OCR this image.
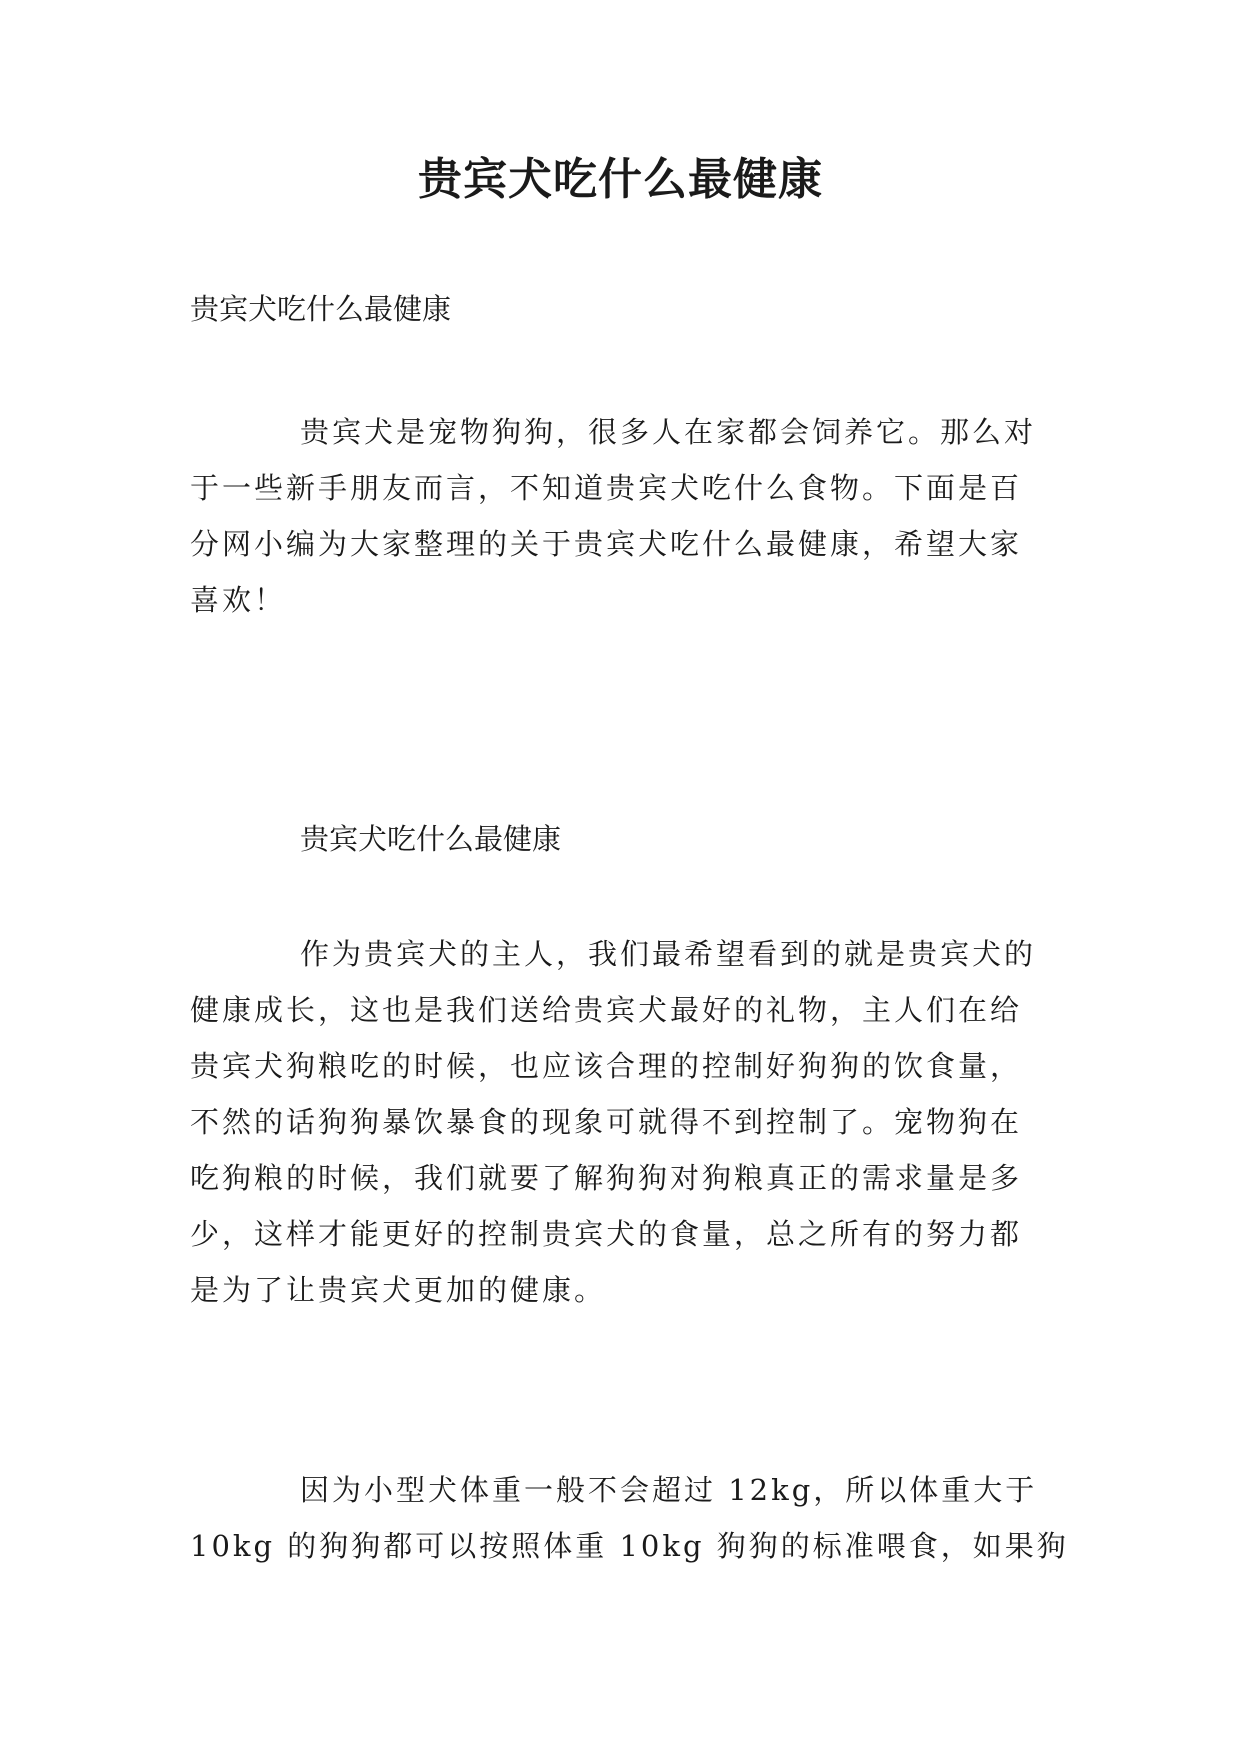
贵宾犬吃什么最健康
贵宾犬吃什么最健康
贵宾犬是宠物狗狗，很多人在家都会饲养它。那么对
于一些新手朋友而言，不知道贵宾犬吃什么食物。下面是百
分网小编为大家整理的关于贵宾犬吃什么最健康，希望大家
喜欢！
贵宾犬吃什么最健康
作为贵宾犬的主人，我们最希望看到的就是贵宾犬的
健康成长，这也是我们送给贵宾犬最好的礼物，主人们在给
贵宾犬狗粮吃的时候，也应该合理的控制好狗狗的饮食量，
不然的话狗狗暴饮暴食的现象可就得不到控制了。宠物狗在
吃狗粮的时候，我们就要了解狗狗对狗粮真正的需求量是多
少，这样才能更好的控制贵宾犬的食量，总之所有的努力都
是为了让贵宾犬更加的健康。
因为小型犬体重一般不会超过 12kg，所以体重大于
10kg 的狗狗都可以按照体重 10kg 狗狗的标准喂食，如果狗
